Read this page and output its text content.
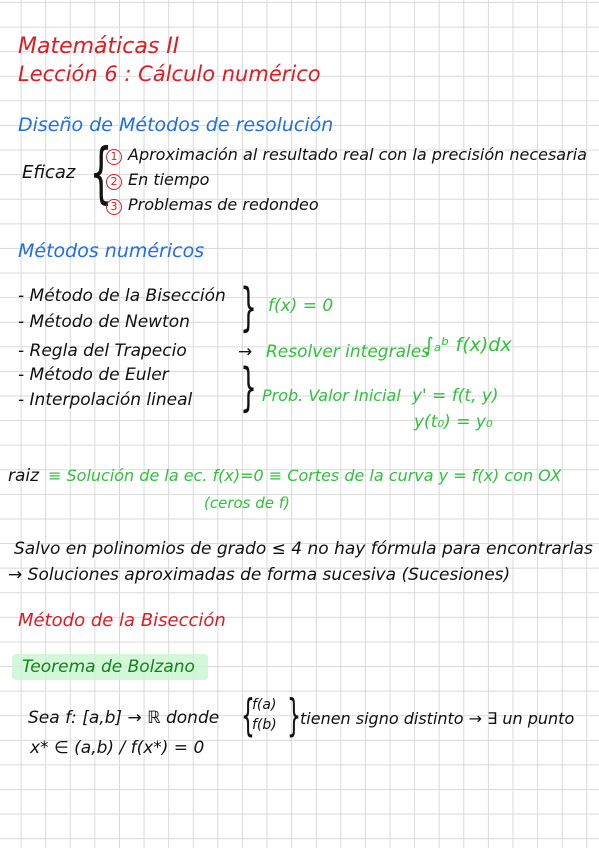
Matemáticas II
Lección 6 : Cálculo numérico
Diseño de Métodos de resolución
Eficaz {
1 Aproximación al resultado real con la precisión necesaria
2 En tiempo
3 Problemas de redondeo
Métodos numéricos
- Método de la Bisección
- Método de Newton
- Regla del Trapecio
- Método de Euler
- Interpolación lineal
} f(x) = 0
→ Resolver integrales
∫ₐᵇ f(x)dx
} Prob. Valor Inicial y' = f(t, y)
y(t₀) = y₀
raiz ≡ Solución de la ec. f(x)=0 ≡ Cortes de la curva y = f(x) con OX
(ceros de f)
Salvo en polinomios de grado ≤ 4 no hay fórmula para encontrarlas
→ Soluciones aproximadas de forma sucesiva (Sucesiones)
Método de la Bisección
Teorema de Bolzano
Sea f: [a,b] → ℝ donde {
f(a)
f(b) } tienen signo distinto → ∃ un punto
x* ∈ (a,b) / f(x*) = 0
